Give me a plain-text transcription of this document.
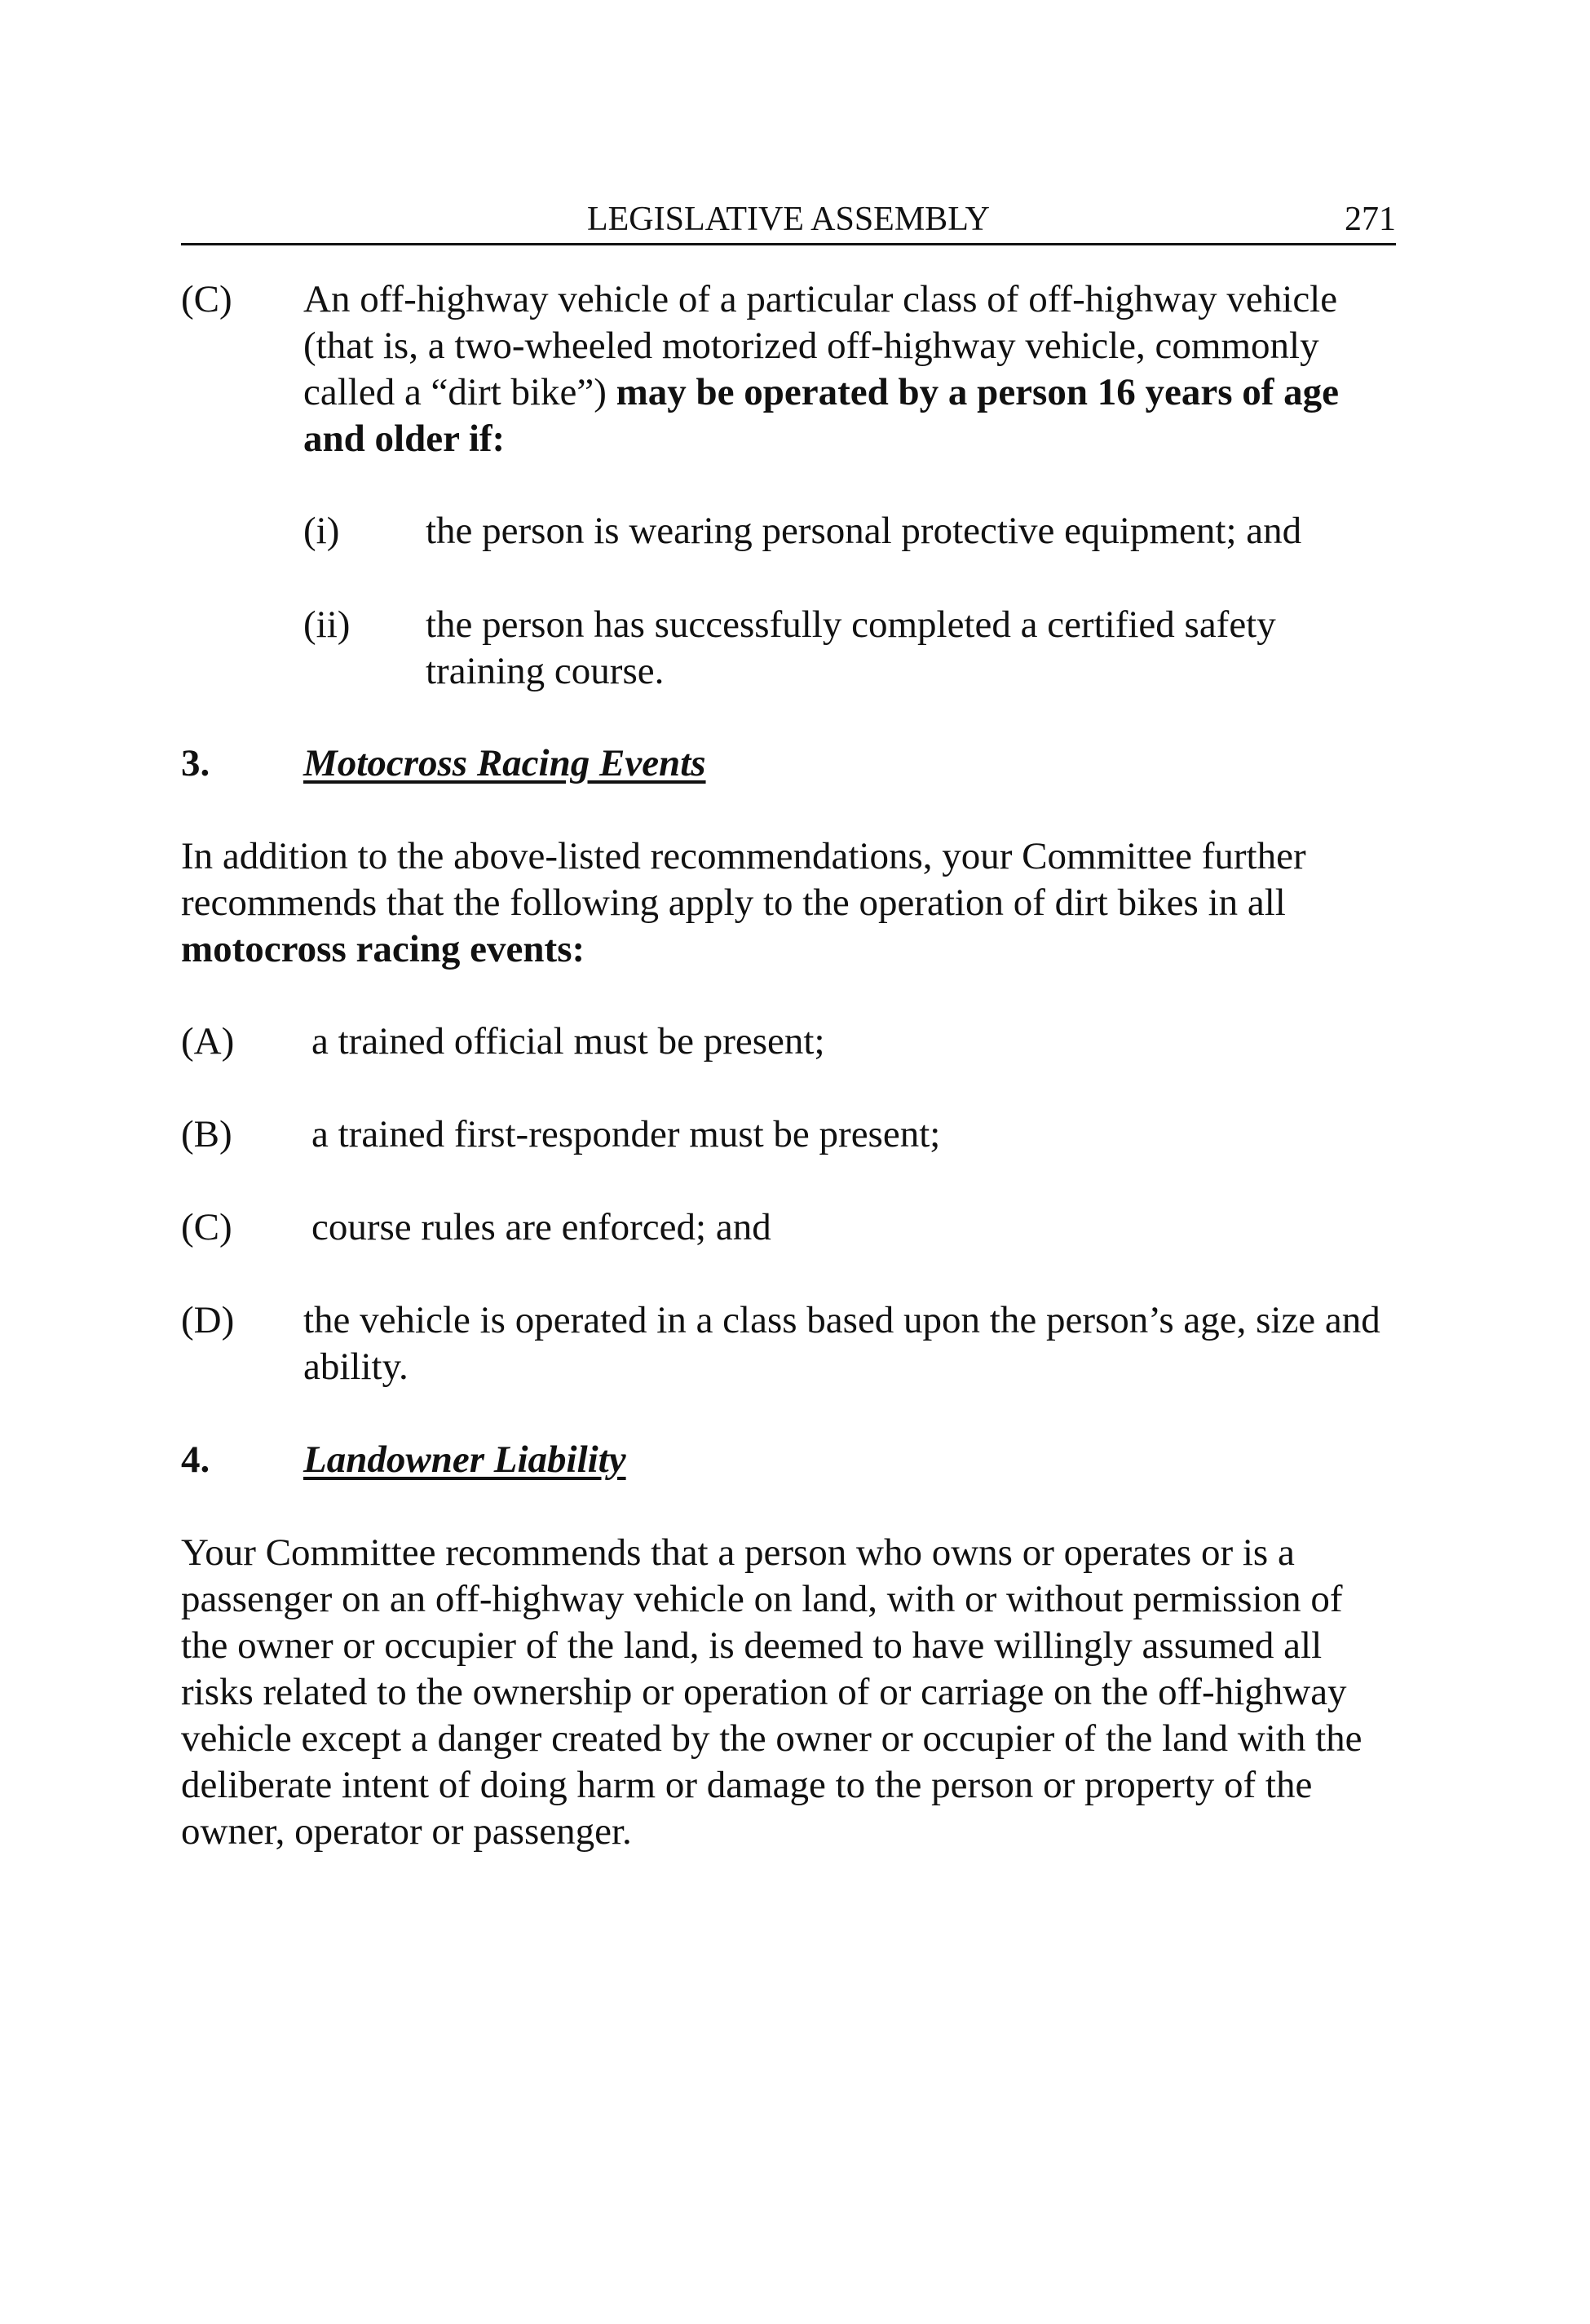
LEGISLATIVE ASSEMBLY	271
(C)	An off-highway vehicle of a particular class of off-highway vehicle (that is, a two-wheeled motorized off-highway vehicle, commonly called a “dirt bike”) may be operated by a person 16 years of age and older if:
(i)	the person is wearing personal protective equipment; and
(ii)	the person has successfully completed a certified safety training course.
3.	Motocross Racing Events

In addition to the above-listed recommendations, your Committee further recommends that the following apply to the operation of dirt bikes in all motocross racing events:

(A)	a trained official must be present;
(B)	a trained first-responder must be present;
(C)	course rules are enforced; and
(D)	the vehicle is operated in a class based upon the person’s age, size and ability.
4.	Landowner Liability

Your Committee recommends that a person who owns or operates or is a passenger on an off-highway vehicle on land, with or without permission of the owner or occupier of the land, is deemed to have willingly assumed all risks related to the ownership or operation of or carriage on the off-highway vehicle except a danger created by the owner or occupier of the land with the deliberate intent of doing harm or damage to the person or property of the owner, operator or passenger.
